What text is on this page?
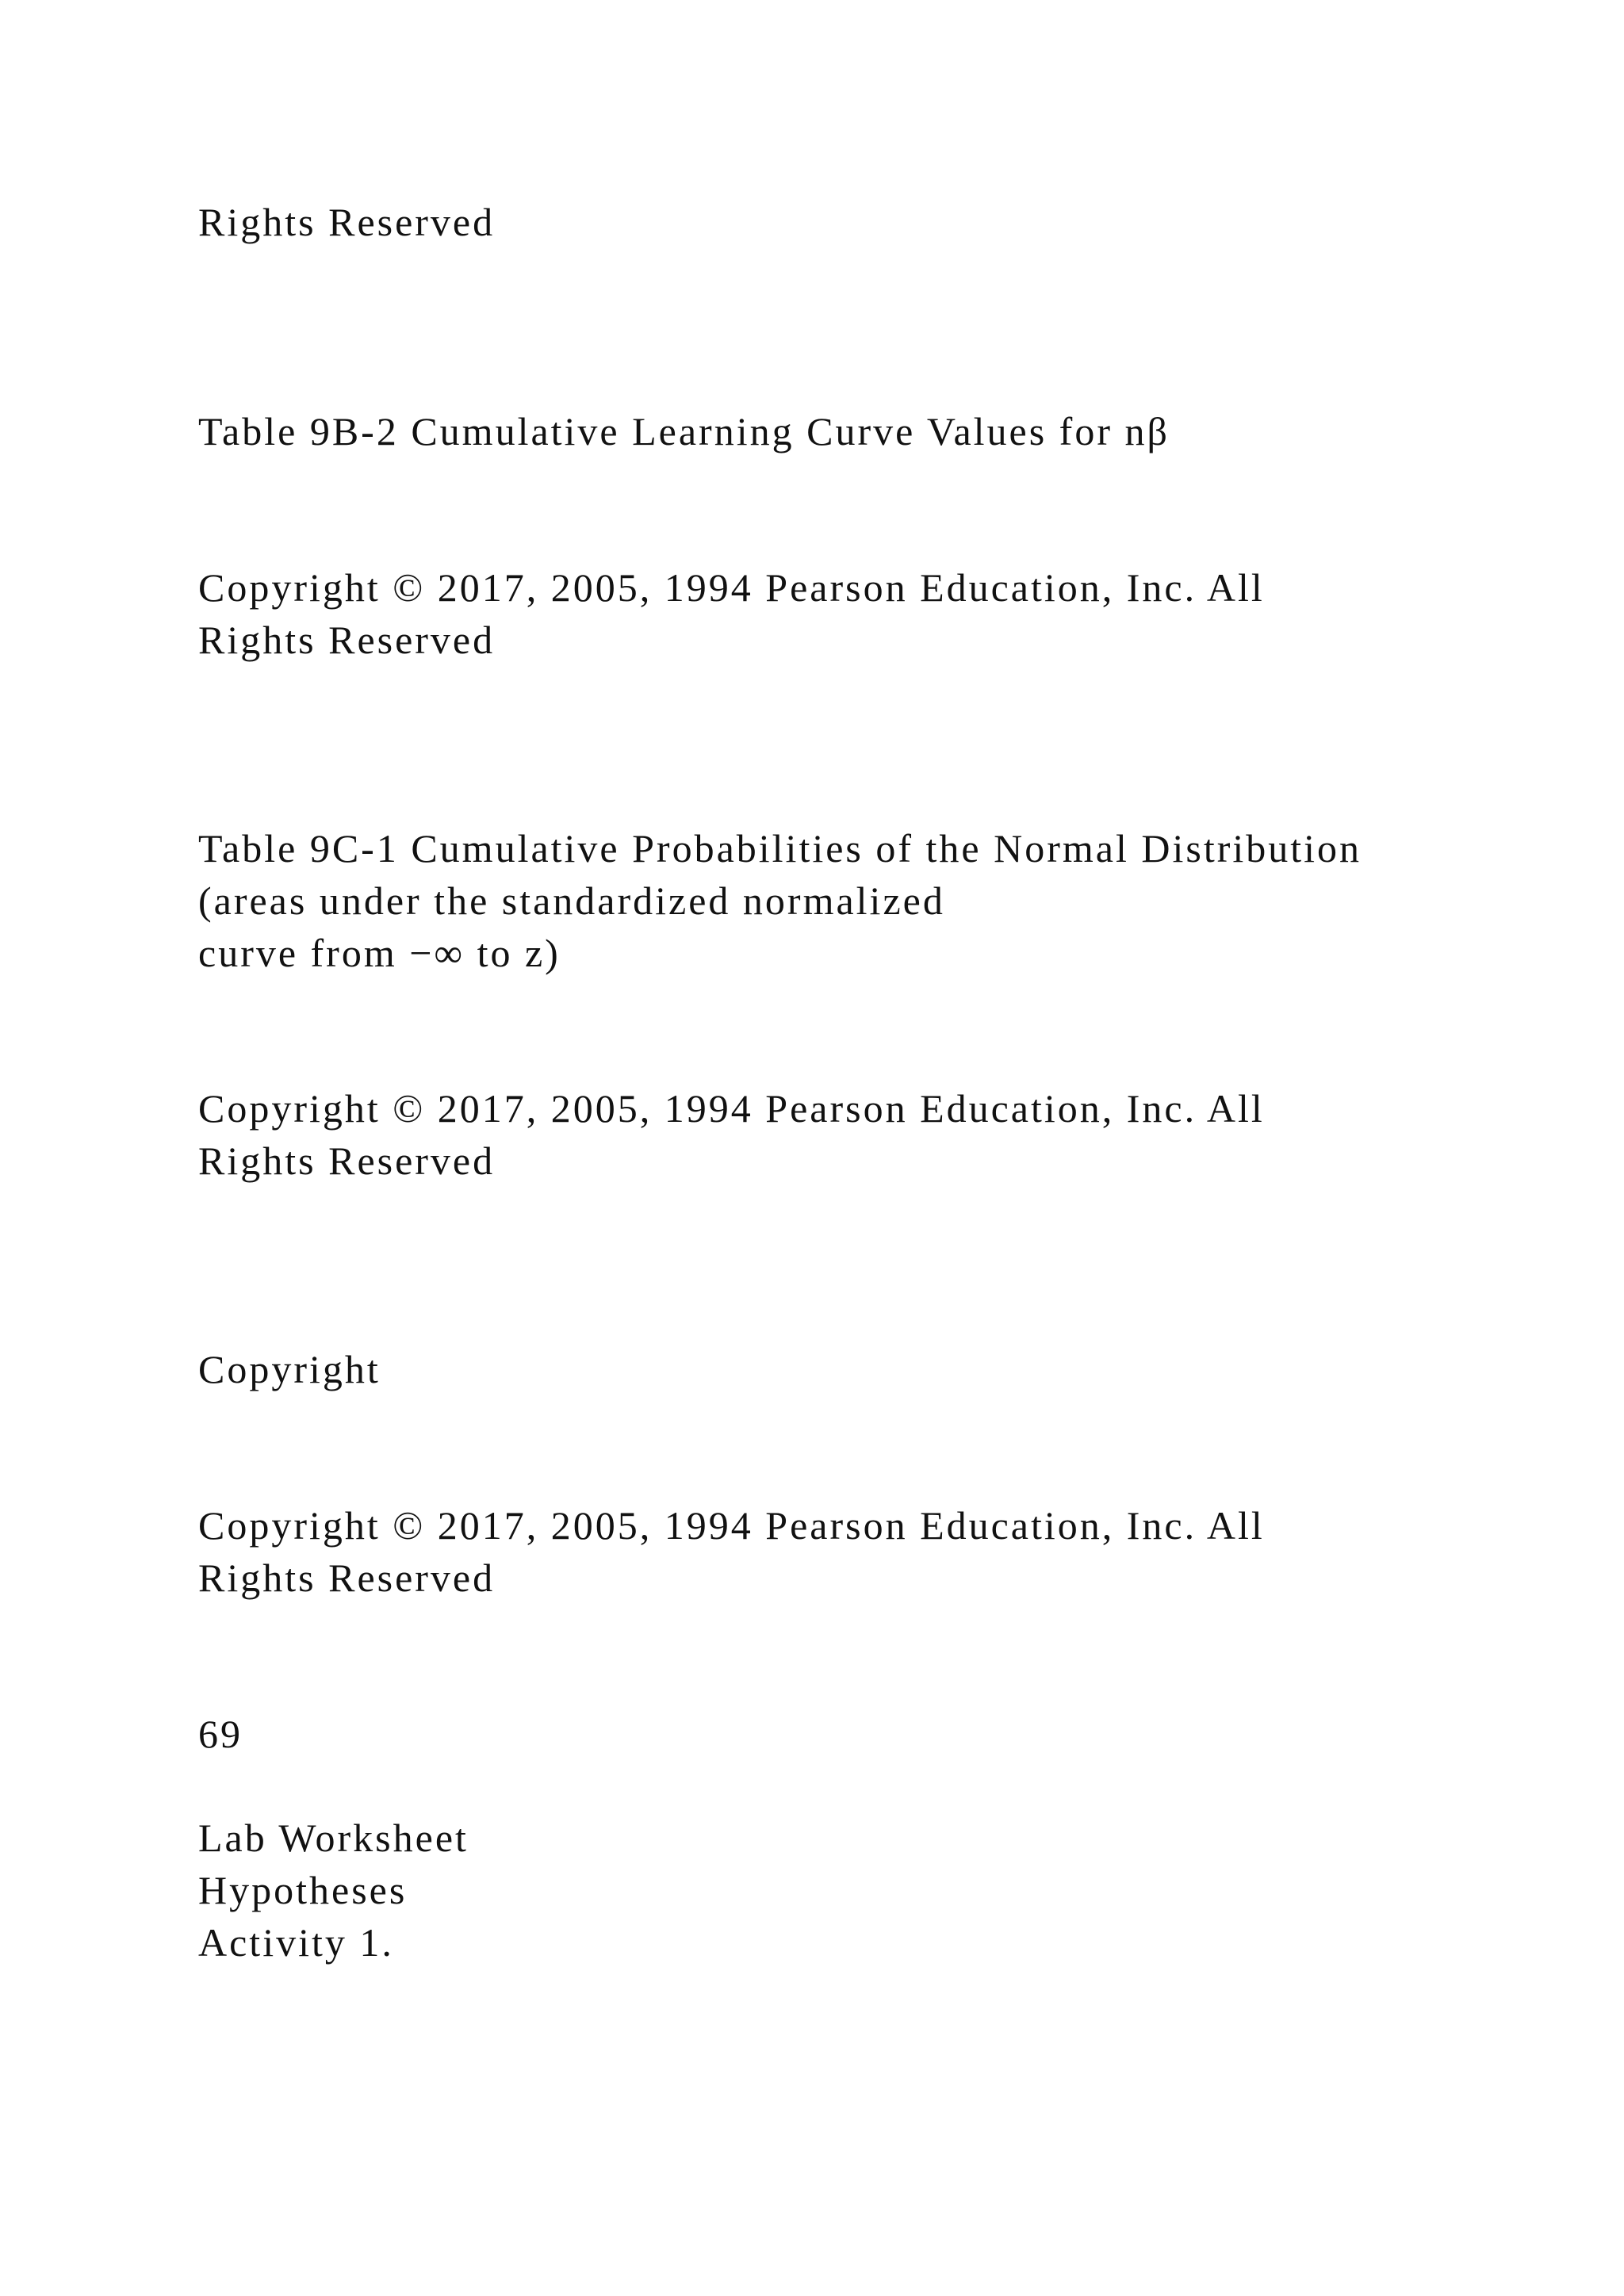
Rights Reserved

Table 9B-2 Cumulative Learning Curve Values for nβ

Copyright © 2017, 2005, 1994 Pearson Education, Inc. All

Rights Reserved

Table 9C-1 Cumulative Probabilities of the Normal Distribution

(areas under the standardized normalized

curve from −∞ to z)

Copyright © 2017, 2005, 1994 Pearson Education, Inc. All

Rights Reserved

Copyright

Copyright © 2017, 2005, 1994 Pearson Education, Inc. All

Rights Reserved

69

Lab Worksheet

Hypotheses

Activity 1.
